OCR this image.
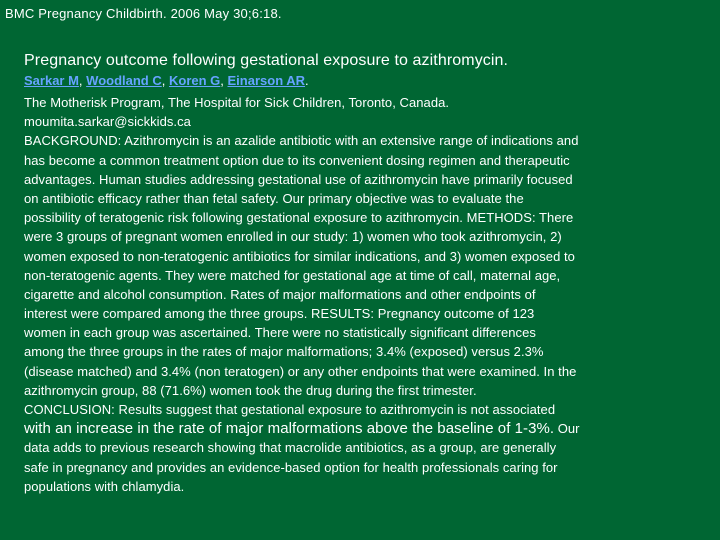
BMC Pregnancy Childbirth. 2006 May 30;6:18.
Pregnancy outcome following gestational exposure to azithromycin.
Sarkar M, Woodland C, Koren G, Einarson AR.
The Motherisk Program, The Hospital for Sick Children, Toronto, Canada.
moumita.sarkar@sickkids.ca
BACKGROUND: Azithromycin is an azalide antibiotic with an extensive range of indications and
has become a common treatment option due to its convenient dosing regimen and therapeutic
advantages. Human studies addressing gestational use of azithromycin have primarily focused
on antibiotic efficacy rather than fetal safety. Our primary objective was to evaluate the
possibility of teratogenic risk following gestational exposure to azithromycin. METHODS: There
were 3 groups of pregnant women enrolled in our study: 1) women who took azithromycin, 2)
women exposed to non-teratogenic antibiotics for similar indications, and 3) women exposed to
non-teratogenic agents. They were matched for gestational age at time of call, maternal age,
cigarette and alcohol consumption. Rates of major malformations and other endpoints of
interest were compared among the three groups. RESULTS: Pregnancy outcome of 123
women in each group was ascertained. There were no statistically significant differences
among the three groups in the rates of major malformations; 3.4% (exposed) versus 2.3%
(disease matched) and 3.4% (non teratogen) or any other endpoints that were examined. In the
azithromycin group, 88 (71.6%) women took the drug during the first trimester.
CONCLUSION: Results suggest that gestational exposure to azithromycin is not associated
with an increase in the rate of major malformations above the baseline of 1-3%. Our
data adds to previous research showing that macrolide antibiotics, as a group, are generally
safe in pregnancy and provides an evidence-based option for health professionals caring for
populations with chlamydia.
